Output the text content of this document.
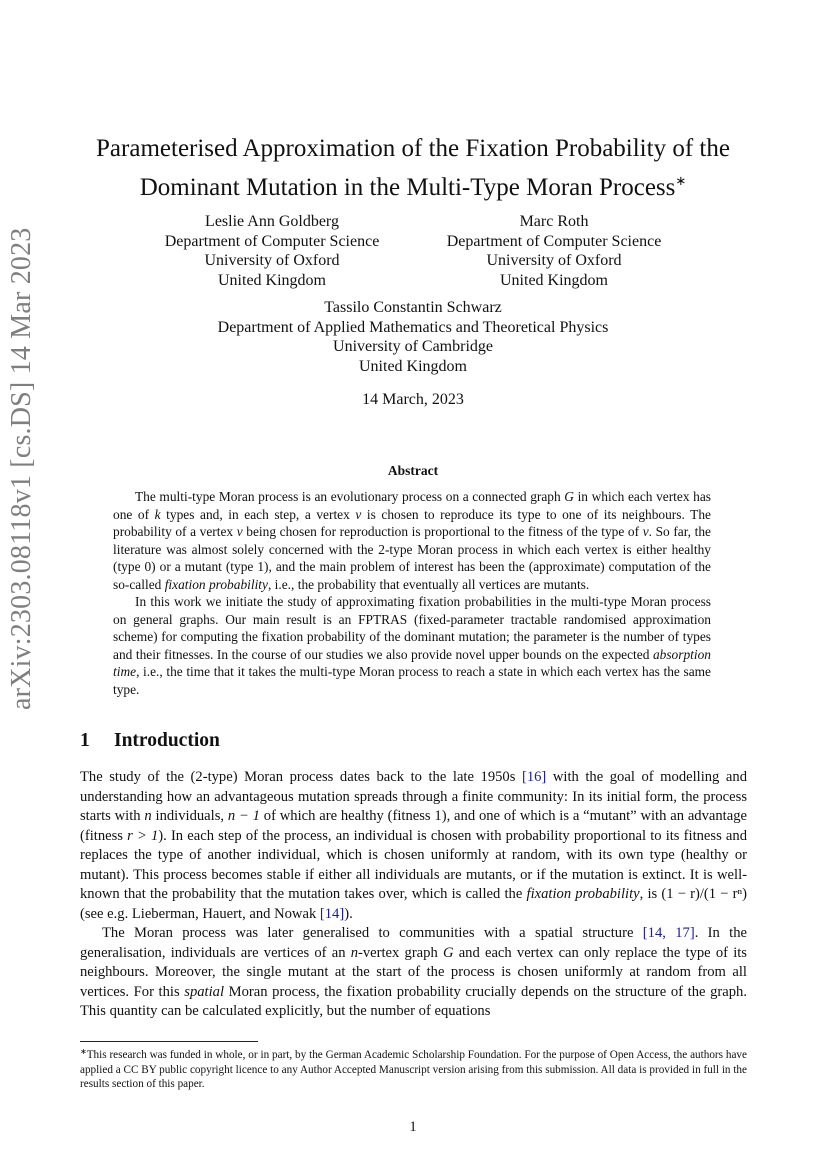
arXiv:2303.08118v1 [cs.DS] 14 Mar 2023
Parameterised Approximation of the Fixation Probability of the
Dominant Mutation in the Multi-Type Moran Process∗
Leslie Ann Goldberg
Department of Computer Science
University of Oxford
United Kingdom
Marc Roth
Department of Computer Science
University of Oxford
United Kingdom
Tassilo Constantin Schwarz
Department of Applied Mathematics and Theoretical Physics
University of Cambridge
United Kingdom
14 March, 2023
Abstract

The multi-type Moran process is an evolutionary process on a connected graph G in which each vertex has one of k types and, in each step, a vertex v is chosen to reproduce its type to one of its neighbours. The probability of a vertex v being chosen for reproduction is proportional to the fitness of the type of v. So far, the literature was almost solely concerned with the 2-type Moran process in which each vertex is either healthy (type 0) or a mutant (type 1), and the main problem of interest has been the (approximate) computation of the so-called fixation probability, i.e., the probability that eventually all vertices are mutants.

In this work we initiate the study of approximating fixation probabilities in the multi-type Moran process on general graphs. Our main result is an FPTRAS (fixed-parameter tractable randomised approximation scheme) for computing the fixation probability of the dominant mutation; the parameter is the number of types and their fitnesses. In the course of our studies we also provide novel upper bounds on the expected absorption time, i.e., the time that it takes the multi-type Moran process to reach a state in which each vertex has the same type.

1 Introduction

The study of the (2-type) Moran process dates back to the late 1950s [16] with the goal of modelling and understanding how an advantageous mutation spreads through a finite community: In its initial form, the process starts with n individuals, n − 1 of which are healthy (fitness 1), and one of which is a “mutant” with an advantage (fitness r > 1). In each step of the process, an individual is chosen with probability proportional to its fitness and replaces the type of another individual, which is chosen uniformly at random, with its own type (healthy or mutant). This process becomes stable if either all individuals are mutants, or if the mutation is extinct. It is well-known that the probability that the mutation takes over, which is called the fixation probability, is (1 − r)/(1 − rⁿ) (see e.g. Lieberman, Hauert, and Nowak [14]).

The Moran process was later generalised to communities with a spatial structure [14, 17]. In the generalisation, individuals are vertices of an n-vertex graph G and each vertex can only replace the type of its neighbours. Moreover, the single mutant at the start of the process is chosen uniformly at random from all vertices. For this spatial Moran process, the fixation probability crucially depends on the structure of the graph. This quantity can be calculated explicitly, but the number of equations

∗This research was funded in whole, or in part, by the German Academic Scholarship Foundation. For the purpose of Open Access, the authors have applied a CC BY public copyright licence to any Author Accepted Manuscript version arising from this submission. All data is provided in full in the results section of this paper.
1
